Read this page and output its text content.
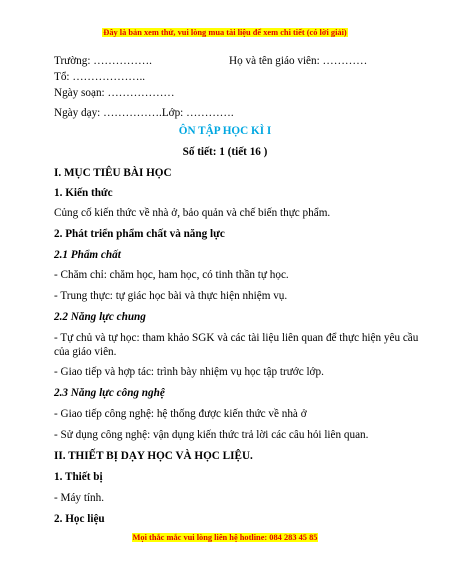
Đây là bản xem thử, vui lòng mua tài liệu để xem chi tiết (có lời giải)
Trường: …………….	Họ và tên giáo viên: …………
Tổ: ………………..
Ngày soạn: ………………
Ngày dạy: …………….Lớp: ………….
ÔN TẬP HỌC KÌ I
Số tiết: 1 (tiết 16 )
I. MỤC TIÊU BÀI HỌC
1. Kiến thức
Củng cố kiến thức về nhà ở, bảo quản và chế biến thực phẩm.
2. Phát triển phẩm chất và năng lực
2.1 Phẩm chất
- Chăm chỉ: chăm học, ham học, có tinh thần tự học.
- Trung thực: tự giác học bài và thực hiện nhiệm vụ.
2.2 Năng lực chung
- Tự chủ và tự học: tham khảo SGK và các tài liệu liên quan để thực hiện yêu cầu
của giáo viên.
- Giao tiếp và hợp tác: trình bày nhiệm vụ học tập trước lớp.
2.3 Năng lực công nghệ
- Giao tiếp công nghệ: hệ thống được kiến thức về nhà ở
- Sử dụng công nghệ: vận dụng kiến thức trả lời các câu hỏi liên quan.
II. THIẾT BỊ DẠY HỌC VÀ HỌC LIỆU.
1. Thiết bị
- Máy tính.
2. Học liệu
Mọi thắc mắc vui lòng liên hệ hotline: 084 283 45 85
